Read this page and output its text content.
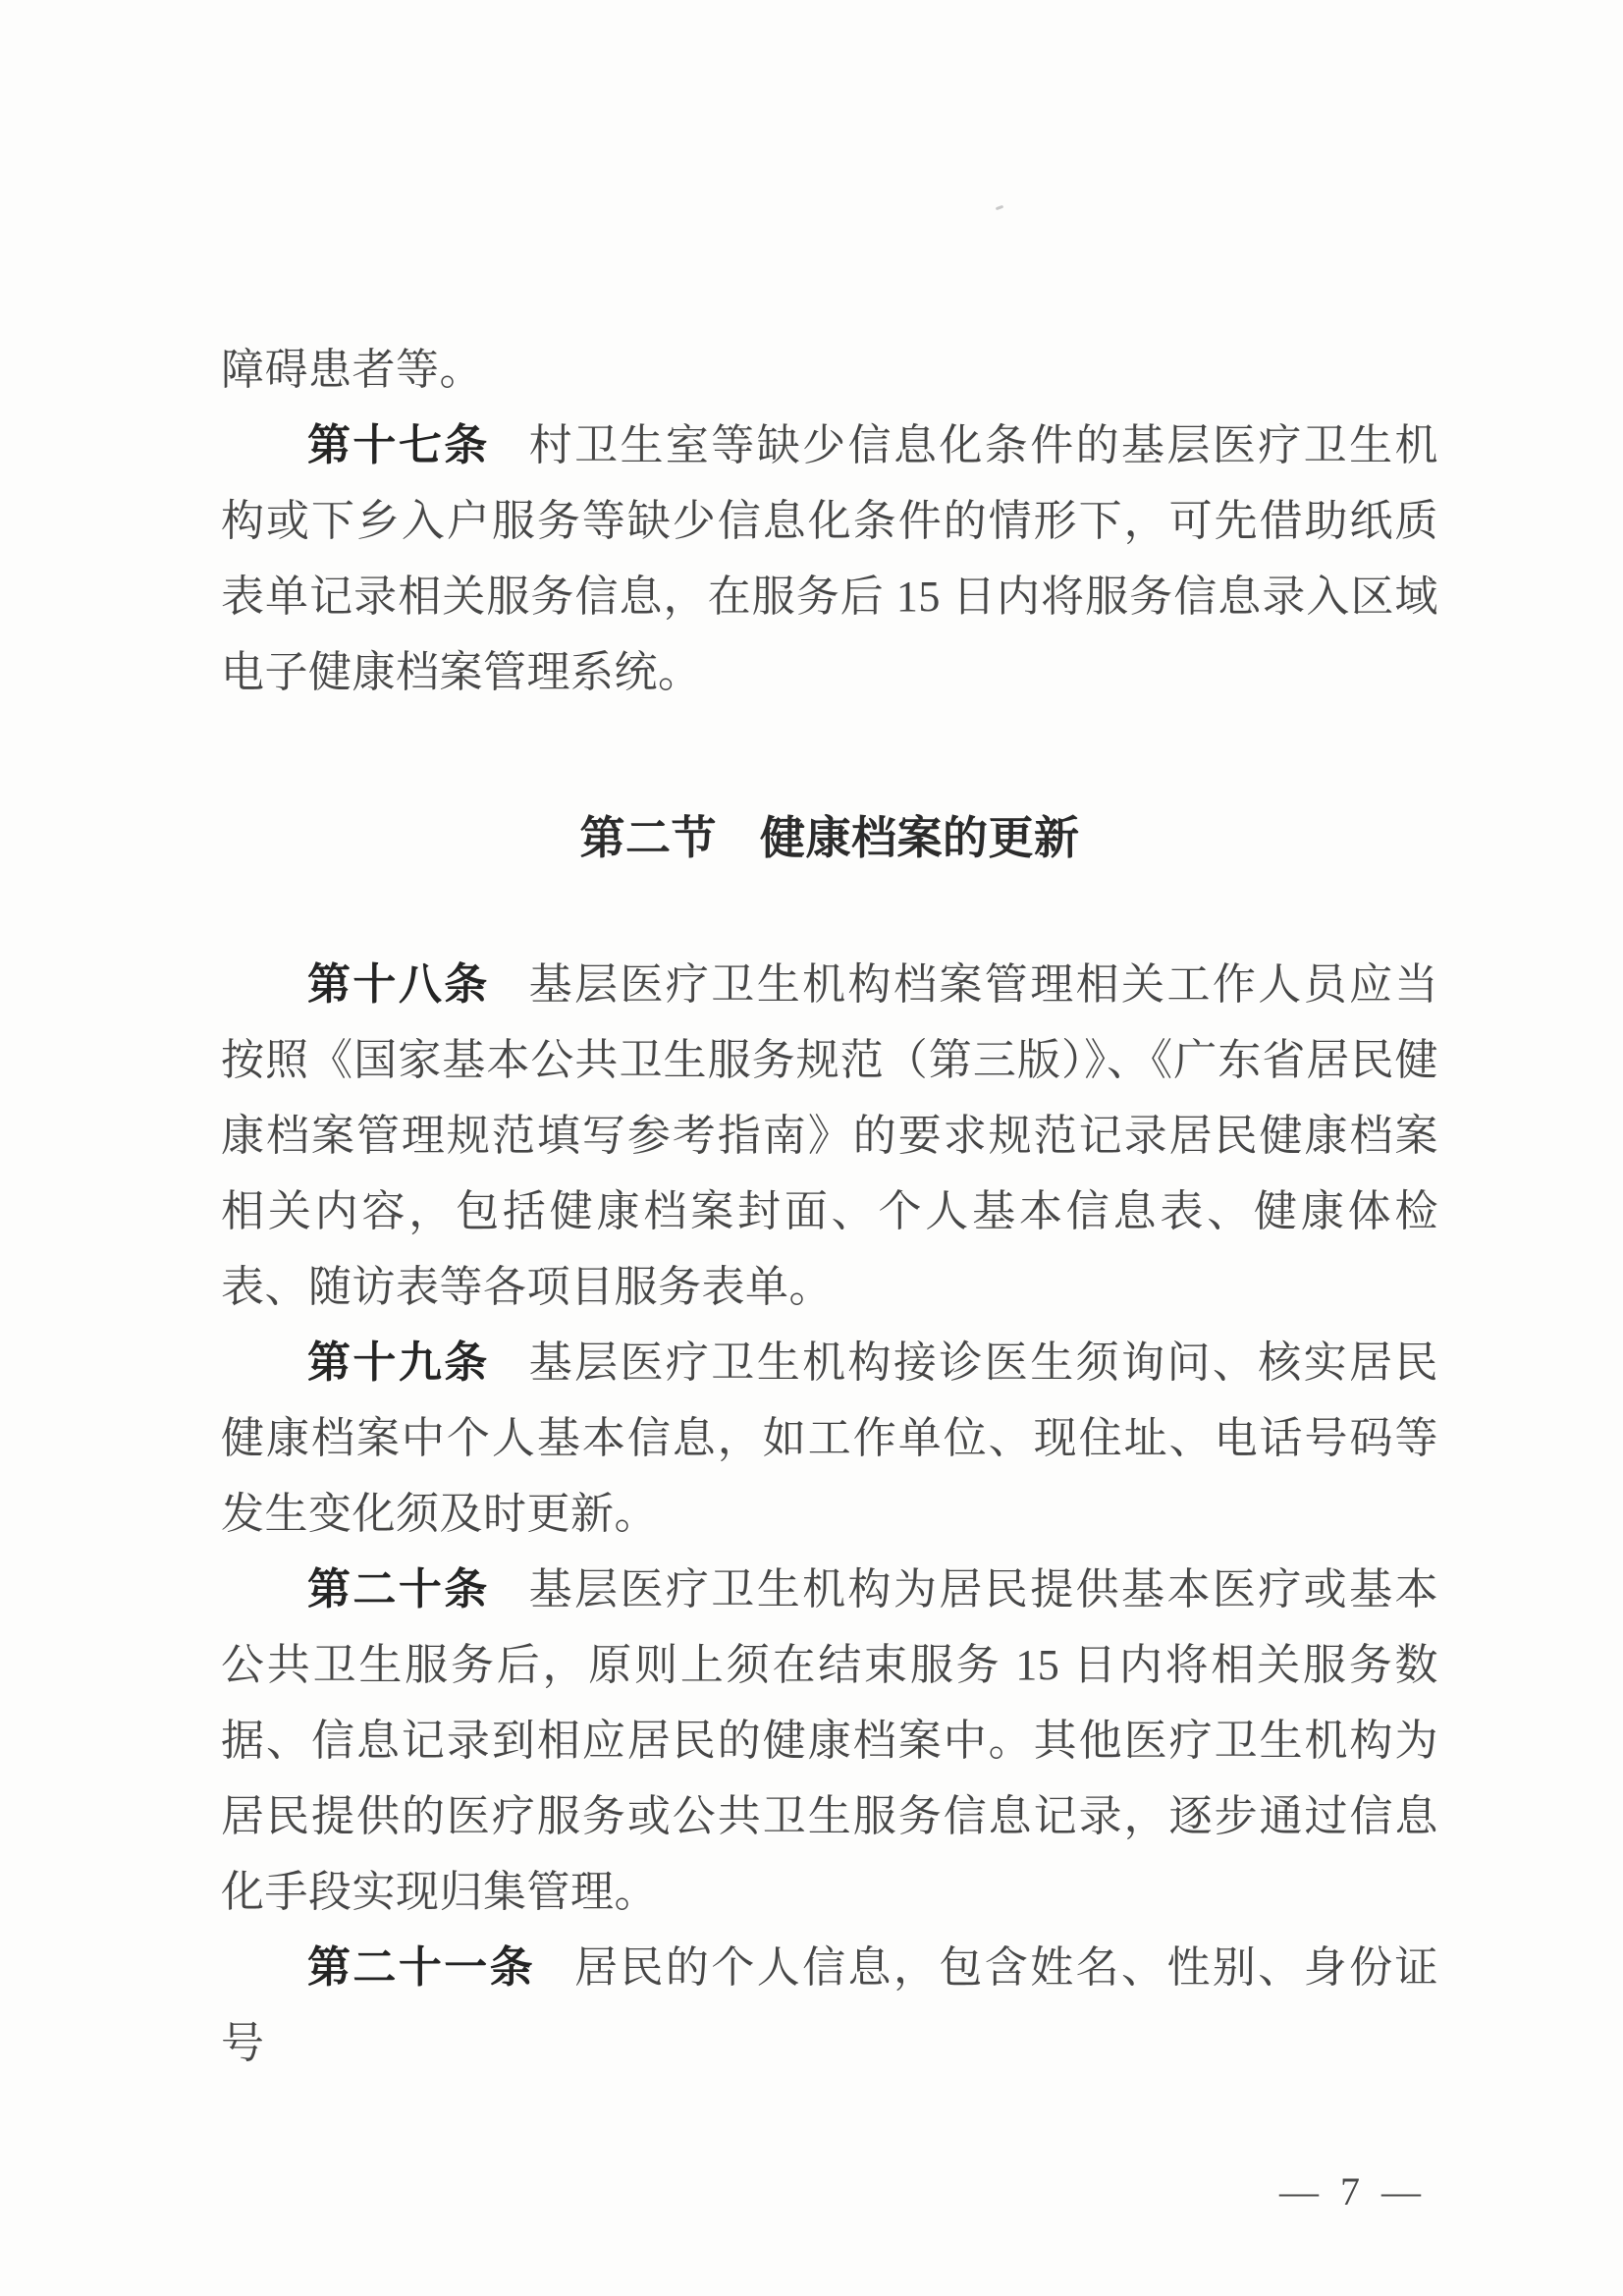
障碍患者等。

第十七条 村卫生室等缺少信息化条件的基层医疗卫生机构或下乡入户服务等缺少信息化条件的情形下，可先借助纸质表单记录相关服务信息，在服务后 15 日内将服务信息录入区域电子健康档案管理系统。

第二节 健康档案的更新

第十八条 基层医疗卫生机构档案管理相关工作人员应当按照《国家基本公共卫生服务规范（第三版）》、《广东省居民健康档案管理规范填写参考指南》的要求规范记录居民健康档案相关内容，包括健康档案封面、个人基本信息表、健康体检表、随访表等各项目服务表单。

第十九条 基层医疗卫生机构接诊医生须询问、核实居民健康档案中个人基本信息，如工作单位、现住址、电话号码等发生变化须及时更新。

第二十条 基层医疗卫生机构为居民提供基本医疗或基本公共卫生服务后，原则上须在结束服务 15 日内将相关服务数据、信息记录到相应居民的健康档案中。其他医疗卫生机构为居民提供的医疗服务或公共卫生服务信息记录，逐步通过信息化手段实现归集管理。

第二十一条 居民的个人信息，包含姓名、性别、身份证号

— 7 —
